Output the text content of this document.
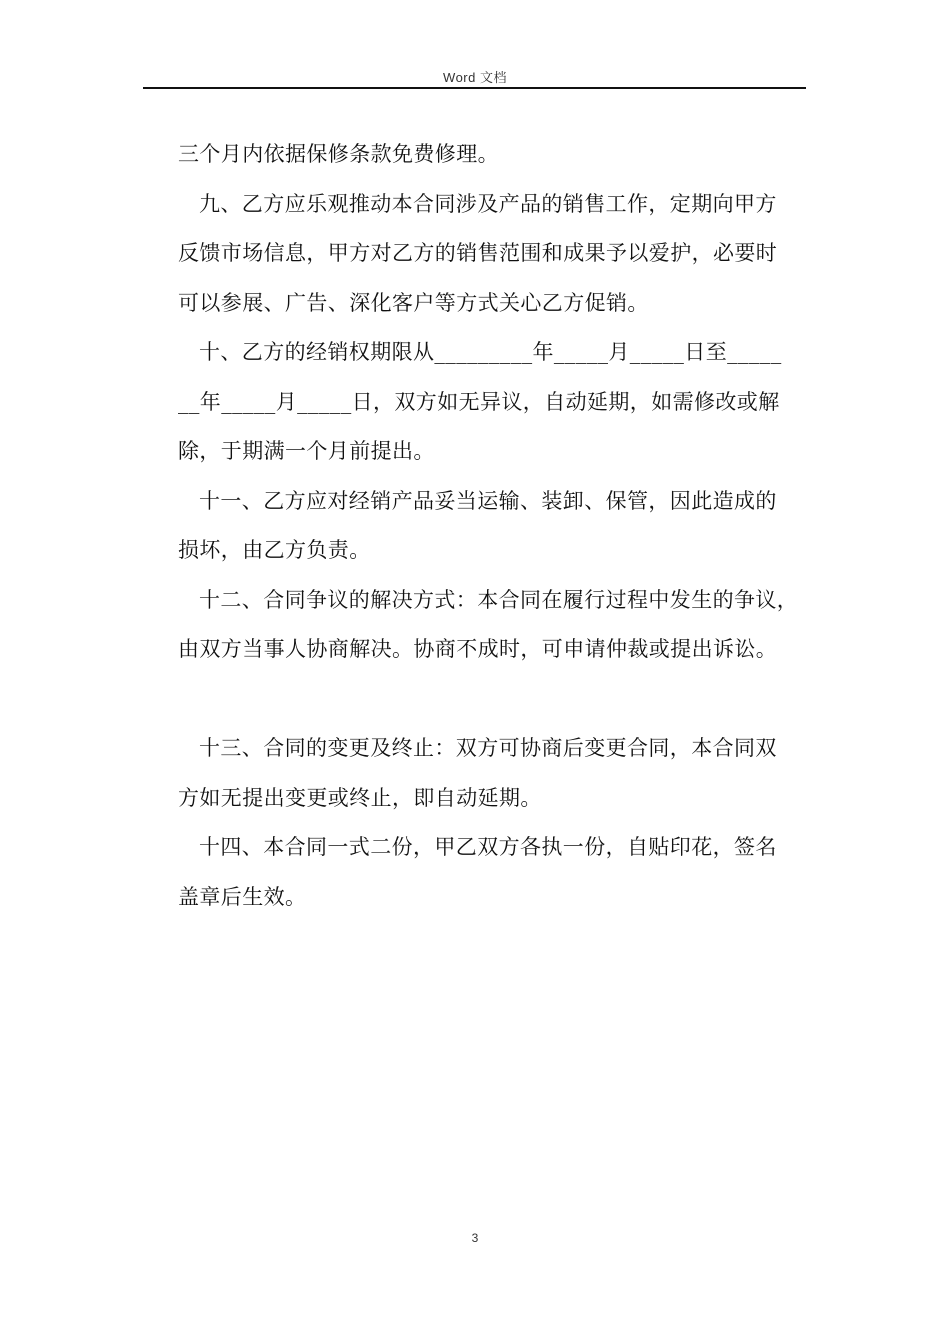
Word 文档
三个月内依据保修条款免费修理。
九、乙方应乐观推动本合同涉及产品的销售工作，定期向甲方
反馈市场信息，甲方对乙方的销售范围和成果予以爱护，必要时
可以参展、广告、深化客户等方式关心乙方促销。
十、乙方的经销权期限从_________年_____月_____日至_____
__年_____月_____日，双方如无异议，自动延期，如需修改或解
除，于期满一个月前提出。
十一、乙方应对经销产品妥当运输、装卸、保管，因此造成的
损坏，由乙方负责。
十二、合同争议的解决方式：本合同在履行过程中发生的争议，
由双方当事人协商解决。协商不成时，可申请仲裁或提出诉讼。
十三、合同的变更及终止：双方可协商后变更合同，本合同双
方如无提出变更或终止，即自动延期。
十四、本合同一式二份，甲乙双方各执一份，自贴印花，签名
盖章后生效。
3
